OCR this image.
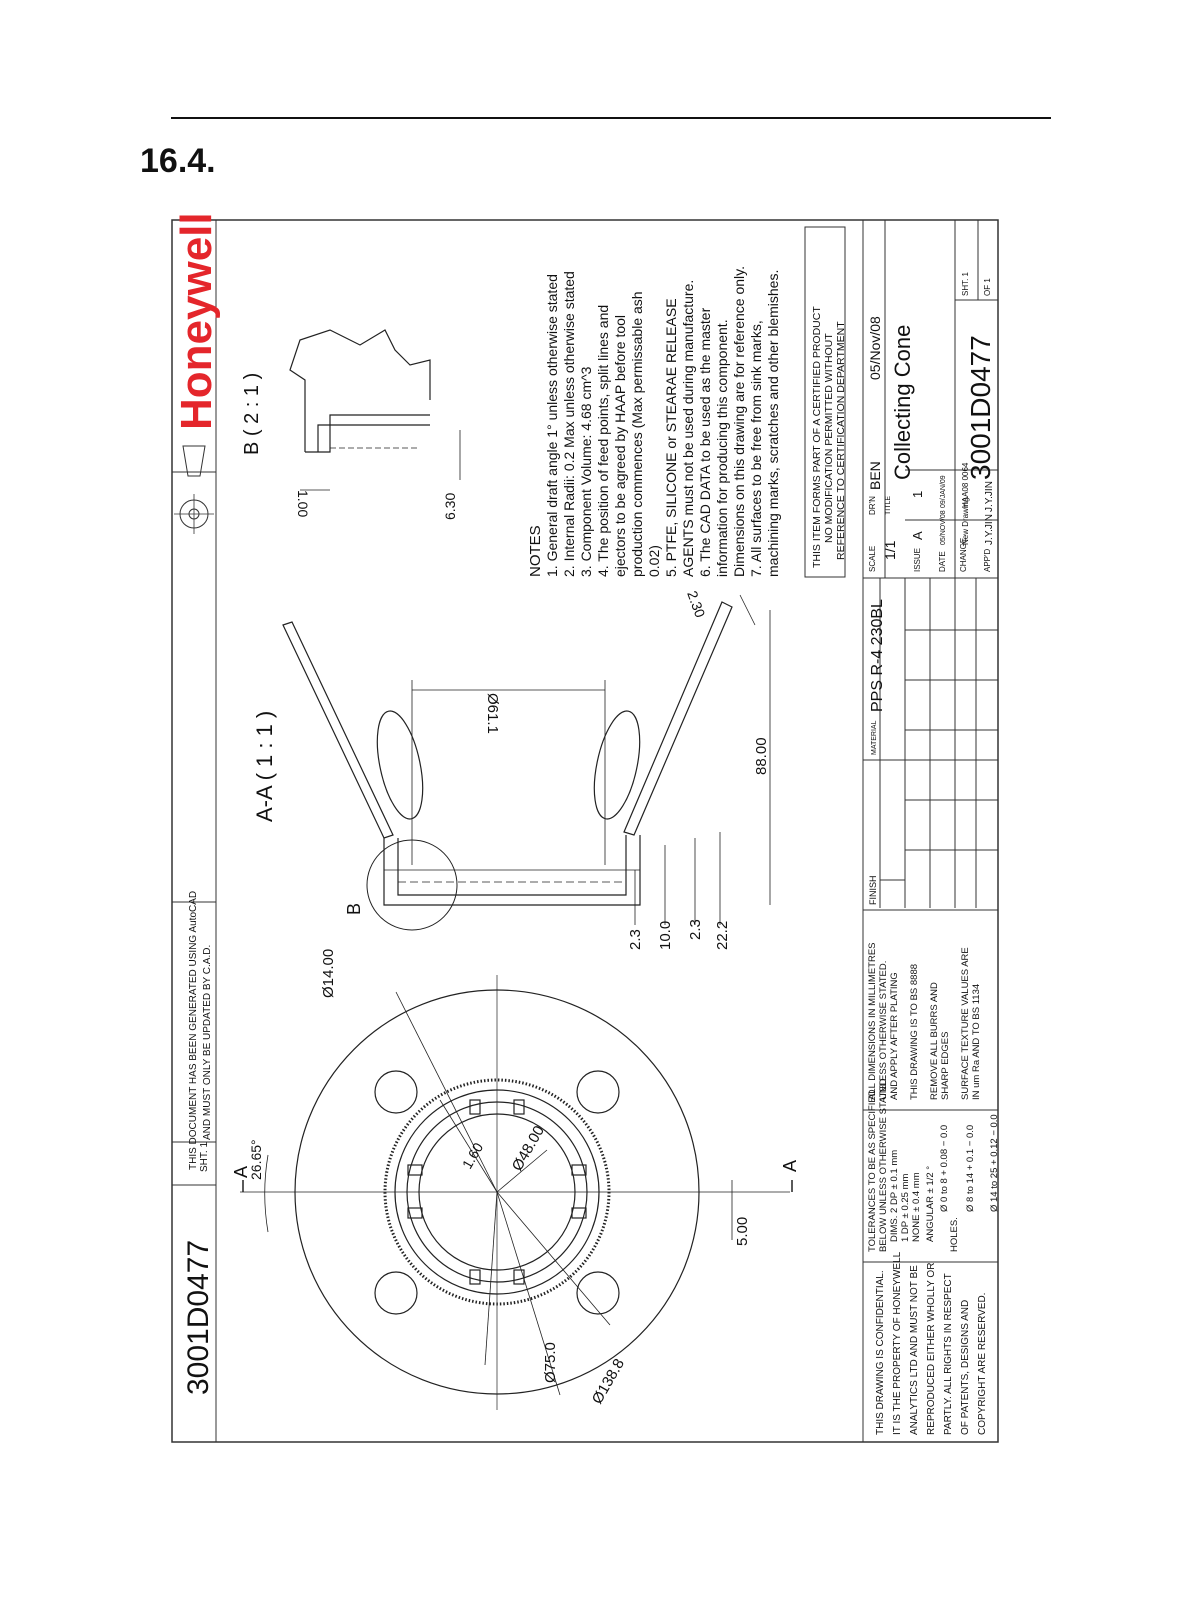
16.4.
Honeywell
3001D0477
SHT. 1
THIS DOCUMENT HAS BEEN GENERATED USING AutoCAD AND MUST ONLY BE UPDATED BY C.A.D.
A	A
26.65°
Ø14.00
1.60 Ø48.00
Ø75.0 Ø138.8
5.00
A-A ( 1 : 1 )
B
2.3 10.0 2.3 22.2
88.00
Ø61.1
2.30
B ( 2 : 1 )
1.00	6.30
NOTES 1. General draft angle 1° unless otherwise stated 2. Internal Radii: 0.2 Max unless otherwise stated 3. Component Volume: 4.68 cm^3 4. The position of feed points, split lines and ejectors to be agreed by HAAP before tool production commences (Max permissable ash 0.02) 5. PTFE, SILICONE or STEARAE RELEASE AGENTS must not be used during manufacture. 6. The CAD DATA to be used as the master information for producing this component. Dimensions on this drawing are for reference only. 7. All surfaces to be free from sink marks, machining marks, scratches and other blemishes.	THIS ITEM FORMS PART OF A CERTIFIED PRODUCT NO MODIFICATION PERMITTED WITHOUT REFERENCE TO CERTIFICATION DEPARTMENT
THIS DRAWING IS CONFIDENTIAL. IT IS THE PROPERTY OF HONEYWELL ANALYTICS LTD AND MUST NOT BE REPRODUCED EITHER WHOLLY OR PARTLY. ALL RIGHTS IN RESPECT OF PATENTS, DESIGNS AND COPYRIGHT ARE RESERVED.
TOLERANCES TO BE AS SPECIFIED BELOW UNLESS OTHERWISE STATED. DIMS. 2 DP ± 0.1 mm 1 DP ± 0.25 mm NONE ± 0.4 mm ANGULAR ± 1/2 ° HOLES.
Ø 0 to 8 + 0.08 − 0.0 Ø 8 to 14 + 0.1 − 0.0 Ø 14 to 25 + 0.12 − 0.0
ALL DIMENSIONS IN MILLIMETRES UNLESS OTHERWISE STATED. AND APPLY AFTER PLATING THIS DRAWING IS TO BS 8888 REMOVE ALL BURRS AND SHARP EDGES SURFACE TEXTURE VALUES ARE IN um Ra AND TO BS 1134
FINISH
MATERIAL
PPS R-4 230BL
SCALE 1/1
DR'N
BEN
05/Nov/08
TITLE
Collecting Cone 3001D0477
SHT. 1 OF 1
ISSUE DATE CHANGE APP'D
A 05/NOV/08 New Drawing J.Y.JIN
1 09/JAN/09 HAA08 0064 J.Y.JIN
